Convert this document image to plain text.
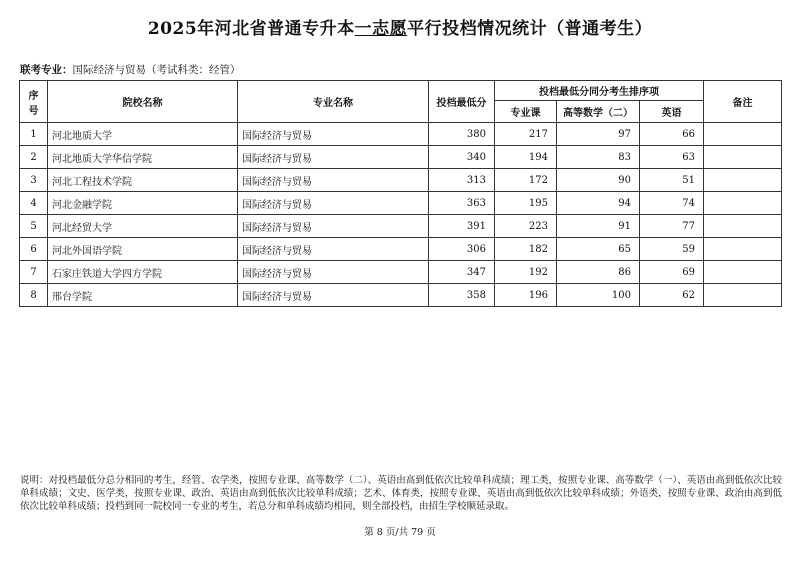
2025年河北省普通专升本一志愿平行投档情况统计（普通考生）
联考专业：国际经济与贸易（考试科类：经管）
序号	院校名称	专业名称	投档最低分	投档最低分同分考生排序项			备注
				专业课	高等数学（二）	英语	
1	河北地质大学	国际经济与贸易	380	217	97	66	
2	河北地质大学华信学院	国际经济与贸易	340	194	83	63	
3	河北工程技术学院	国际经济与贸易	313	172	90	51	
4	河北金融学院	国际经济与贸易	363	195	94	74	
5	河北经贸大学	国际经济与贸易	391	223	91	77	
6	河北外国语学院	国际经济与贸易	306	182	65	59	
7	石家庄铁道大学四方学院	国际经济与贸易	347	192	86	69	
8	邢台学院	国际经济与贸易	358	196	100	62	
说明：对投档最低分总分相同的考生，经管、农学类，按照专业课、高等数学（二）、英语由高到低依次比较单科成绩；理工类，按照专业课、高等数学（一）、英语由高到低依次比较单科成绩；文史、医学类，按照专业课、政治、英语由高到低依次比较单科成绩；艺术、体育类，按照专业课、英语由高到低依次比较单科成绩；外语类，按照专业课、政治由高到低依次比较单科成绩；投档到同一院校同一专业的考生，若总分和单科成绩均相同，则全部投档，由招生学校顺延录取。
第 8 页/共 79 页
